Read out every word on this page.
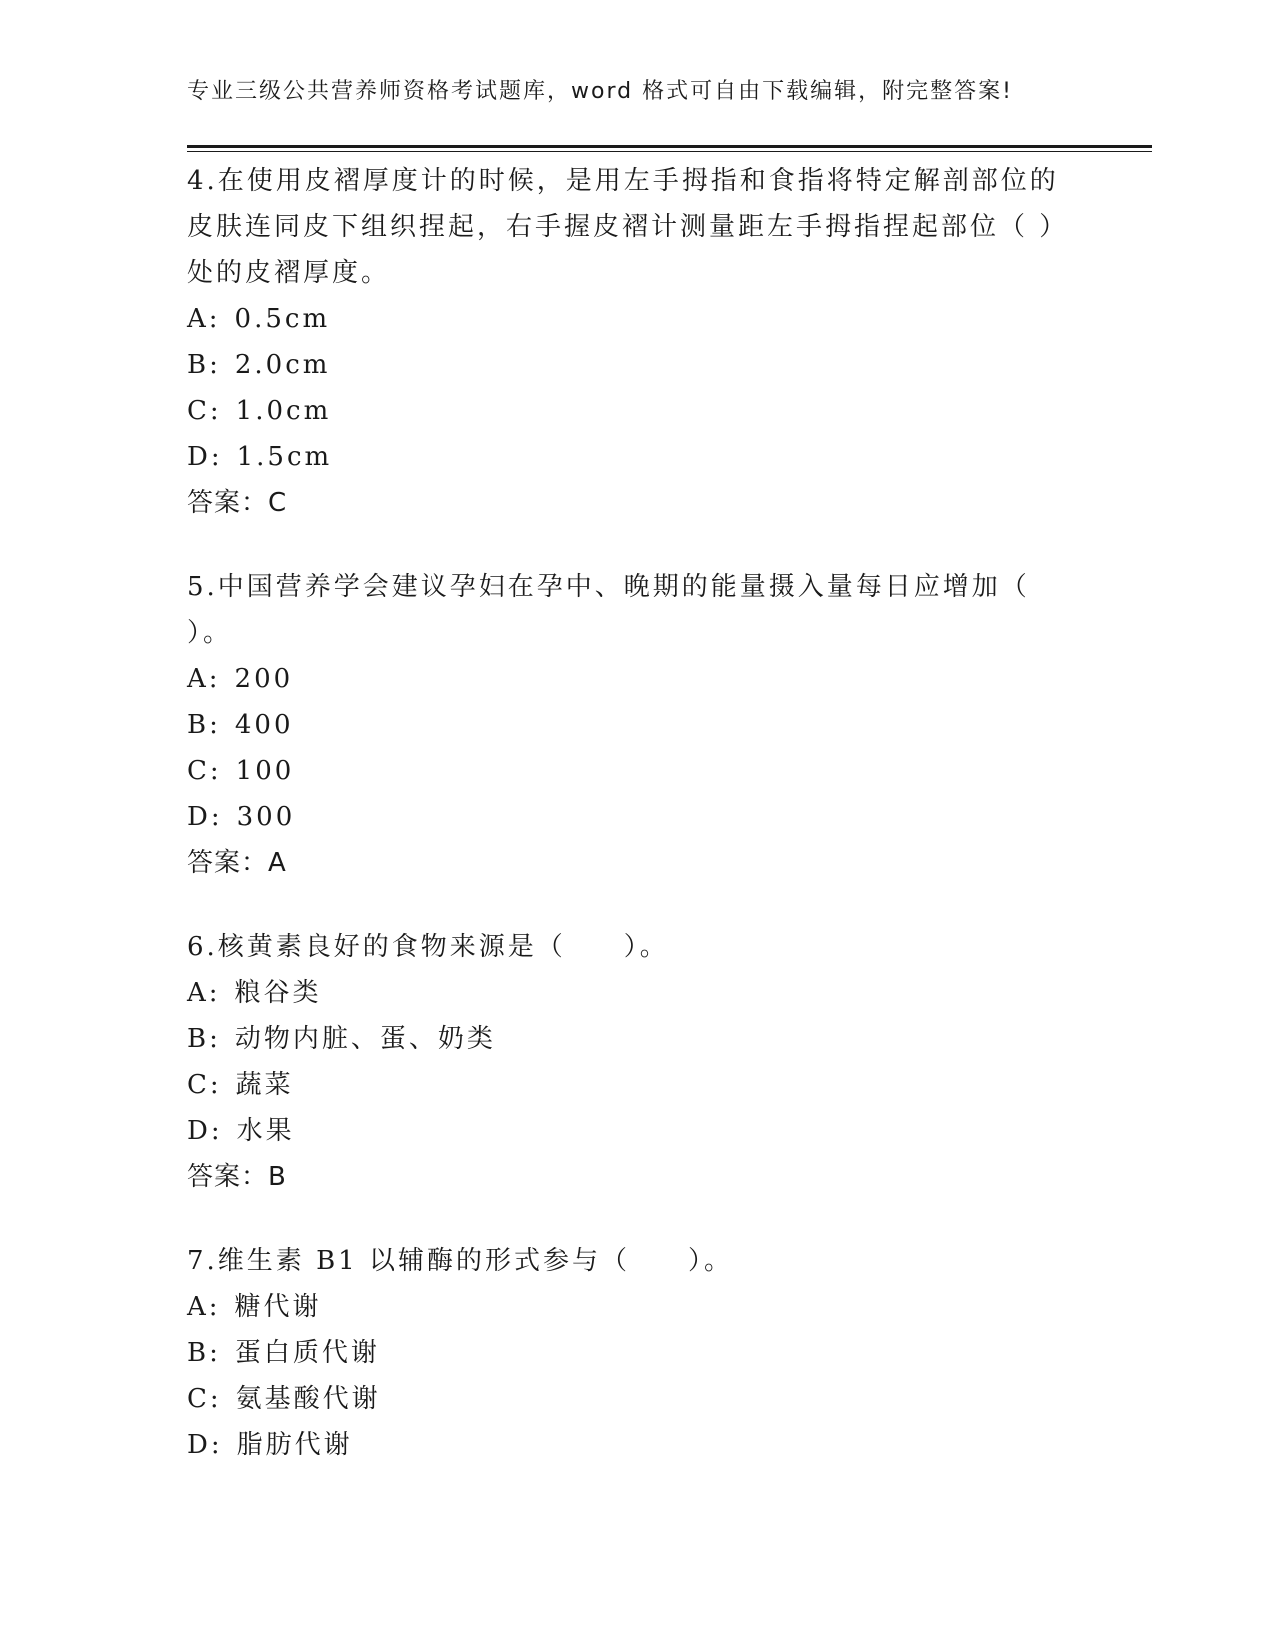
专业三级公共营养师资格考试题库，word 格式可自由下载编辑，附完整答案!

4.在使用皮褶厚度计的时候，是用左手拇指和食指将特定解剖部位的皮肤连同皮下组织捏起，右手握皮褶计测量距左手拇指捏起部位（ ）处的皮褶厚度。

A: 0.5cm

B: 2.0cm

C: 1.0cm

D: 1.5cm

答案：C

5.中国营养学会建议孕妇在孕中、晚期的能量摄入量每日应增加（ ）。

A: 200

B: 400

C: 100

D: 300

答案：A

6.核黄素良好的食物来源是（　　）。

A: 粮谷类

B: 动物内脏、蛋、奶类

C: 蔬菜

D: 水果

答案：B

7.维生素 B1 以辅酶的形式参与（　　）。

A: 糖代谢

B: 蛋白质代谢

C: 氨基酸代谢

D: 脂肪代谢
